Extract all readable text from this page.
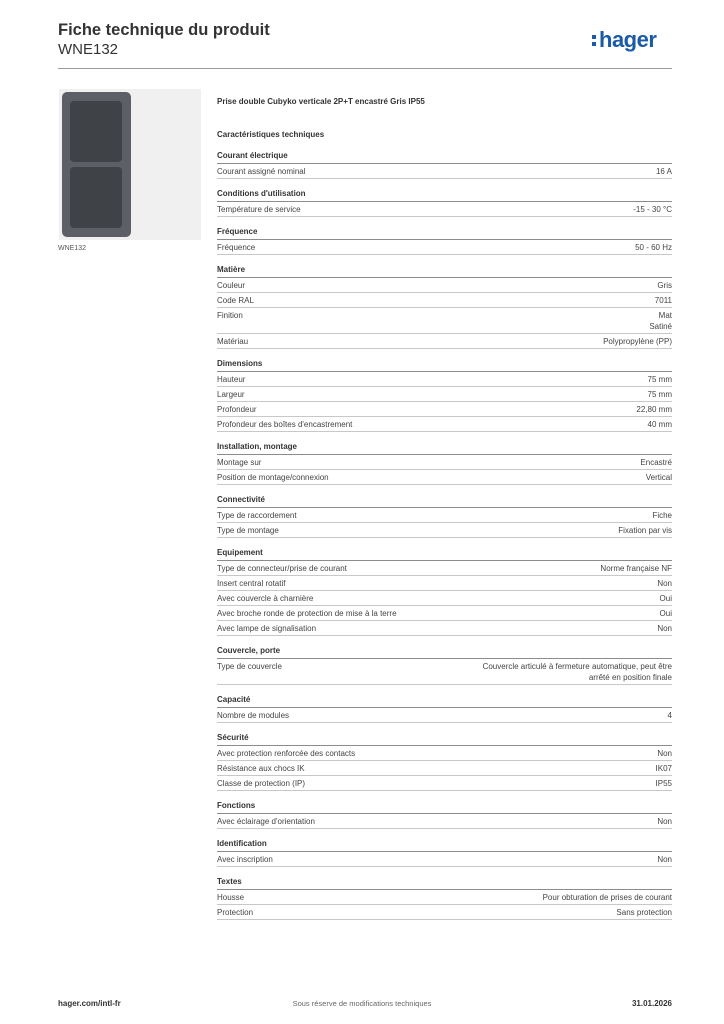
Fiche technique du produit
WNE132	hager
WNE132
Prise double Cubyko verticale 2P+T encastré Gris IP55
Caractéristiques techniques
Courant électrique
Courant assigné nominal	16 A
Conditions d'utilisation
Température de service	-15 - 30 °C
Fréquence
Fréquence	50 - 60 Hz
Matière
Couleur	Gris
Code RAL	7011
Finition	Mat
Satiné
Matériau	Polypropylène (PP)
Dimensions
Hauteur	75 mm
Largeur	75 mm
Profondeur	22,80 mm
Profondeur des boîtes d'encastrement	40 mm
Installation, montage
Montage sur	Encastré
Position de montage/connexion	Vertical
Connectivité
Type de raccordement	Fiche
Type de montage	Fixation par vis
Equipement
Type de connecteur/prise de courant	Norme française NF
Insert central rotatif	Non
Avec couvercle à charnière	Oui
Avec broche ronde de protection de mise à la terre	Oui
Avec lampe de signalisation	Non
Couvercle, porte
Type de couvercle	Couvercle articulé à fermeture automatique, peut être
arrêté en position finale
Capacité
Nombre de modules	4
Sécurité
Avec protection renforcée des contacts	Non
Résistance aux chocs IK	IK07
Classe de protection (IP)	IP55
Fonctions
Avec éclairage d'orientation	Non
Identification
Avec inscription	Non
Textes
Housse	Pour obturation de prises de courant
Protection	Sans protection
hager.com/intl-fr	Sous réserve de modifications techniques	31.01.2026
